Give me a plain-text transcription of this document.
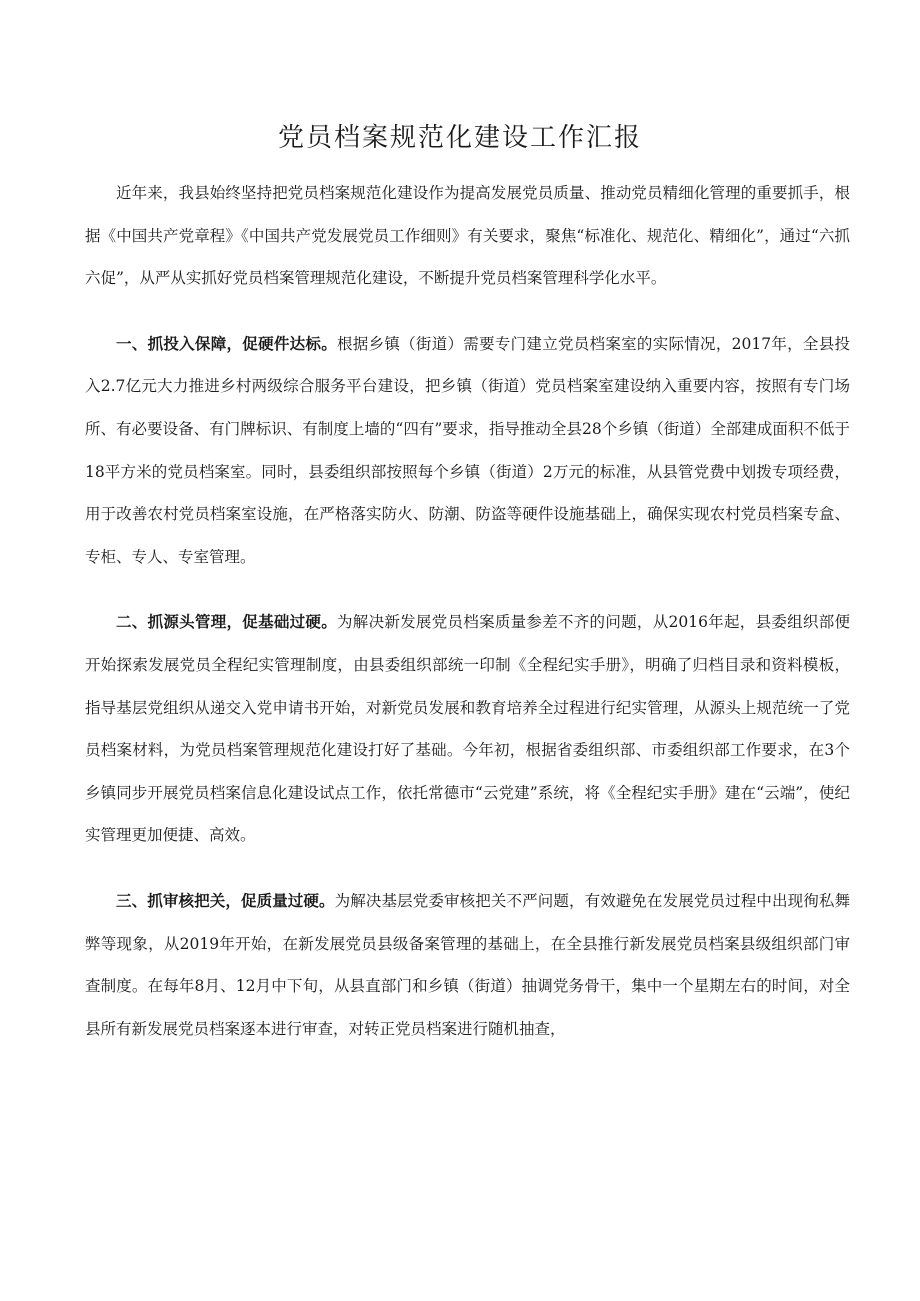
党员档案规范化建设工作汇报

近年来，我县始终坚持把党员档案规范化建设作为提高发展党员质量、推动党员精细化管理的重要抓手，根据《中国共产党章程》《中国共产党发展党员工作细则》有关要求，聚焦“标准化、规范化、精细化”，通过“六抓六促”，从严从实抓好党员档案管理规范化建设，不断提升党员档案管理科学化水平。

一、抓投入保障，促硬件达标。根据乡镇（街道）需要专门建立党员档案室的实际情况，2017年，全县投入2.7亿元大力推进乡村两级综合服务平台建设，把乡镇（街道）党员档案室建设纳入重要内容，按照有专门场所、有必要设备、有门牌标识、有制度上墙的“四有”要求，指导推动全县28个乡镇（街道）全部建成面积不低于18平方米的党员档案室。同时，县委组织部按照每个乡镇（街道）2万元的标准，从县管党费中划拨专项经费，用于改善农村党员档案室设施，在严格落实防火、防潮、防盗等硬件设施基础上，确保实现农村党员档案专盒、专柜、专人、专室管理。

二、抓源头管理，促基础过硬。为解决新发展党员档案质量参差不齐的问题，从2016年起，县委组织部便开始探索发展党员全程纪实管理制度，由县委组织部统一印制《全程纪实手册》，明确了归档目录和资料模板，指导基层党组织从递交入党申请书开始，对新党员发展和教育培养全过程进行纪实管理，从源头上规范统一了党员档案材料，为党员档案管理规范化建设打好了基础。今年初，根据省委组织部、市委组织部工作要求，在3个乡镇同步开展党员档案信息化建设试点工作，依托常德市“云党建”系统，将《全程纪实手册》建在“云端”，使纪实管理更加便捷、高效。

三、抓审核把关，促质量过硬。为解决基层党委审核把关不严问题，有效避免在发展党员过程中出现徇私舞弊等现象，从2019年开始，在新发展党员县级备案管理的基础上，在全县推行新发展党员档案县级组织部门审查制度。在每年8月、12月中下旬，从县直部门和乡镇（街道）抽调党务骨干，集中一个星期左右的时间，对全县所有新发展党员档案逐本进行审查，对转正党员档案进行随机抽查，
